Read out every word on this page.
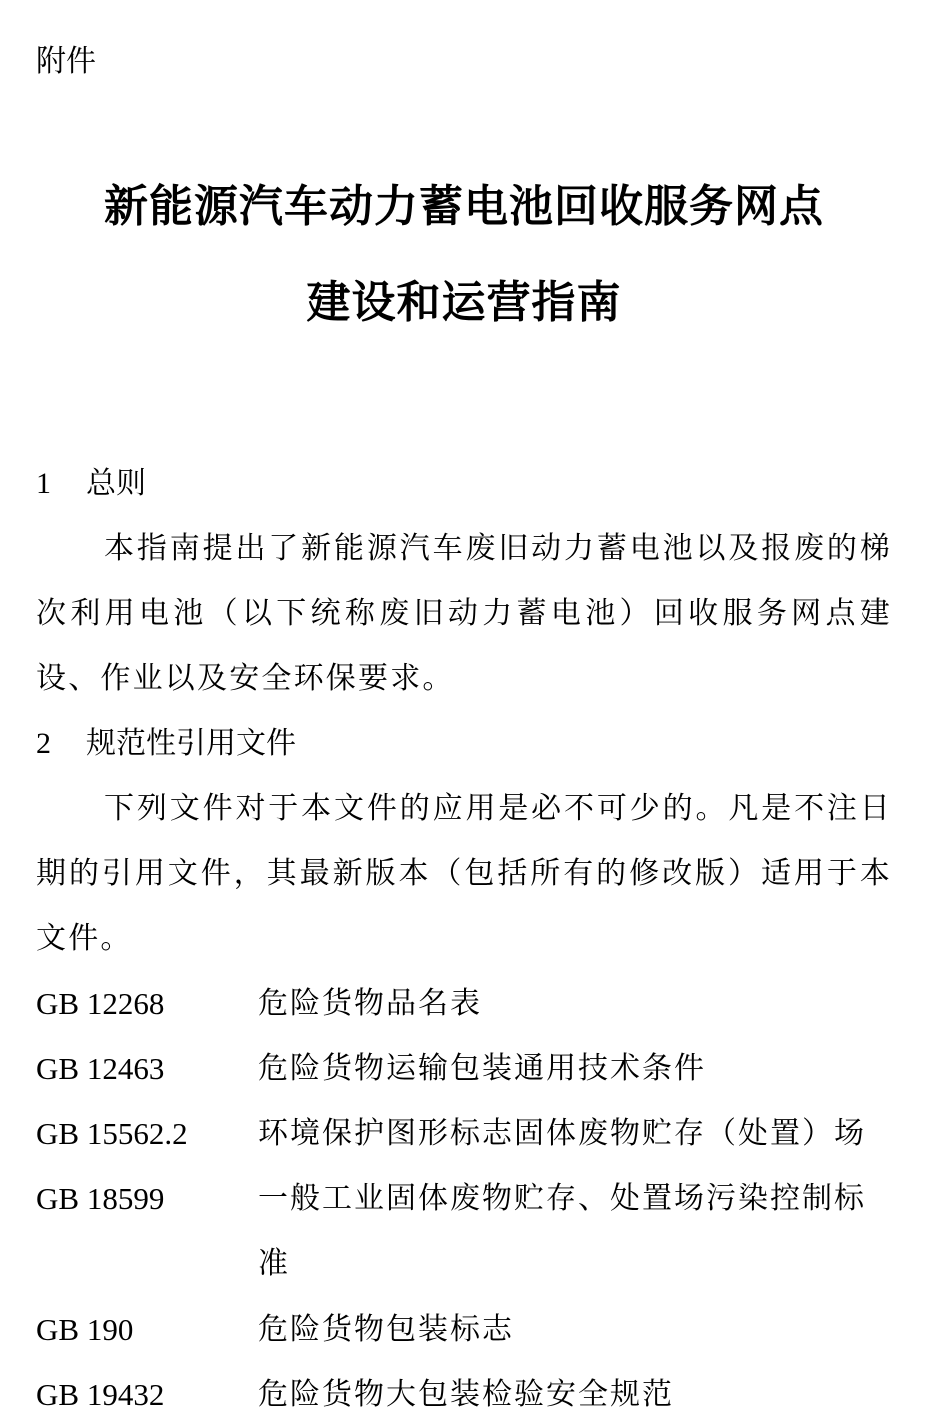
附件
新能源汽车动力蓄电池回收服务网点
建设和运营指南
1 总则
本指南提出了新能源汽车废旧动力蓄电池以及报废的梯次利用电池（以下统称废旧动力蓄电池）回收服务网点建设、作业以及安全环保要求。
2 规范性引用文件
下列文件对于本文件的应用是必不可少的。凡是不注日期的引用文件，其最新版本（包括所有的修改版）适用于本文件。
GB 12268	危险货物品名表
GB 12463	危险货物运输包装通用技术条件
GB 15562.2 环境保护图形标志固体废物贮存（处置）场
GB 18599	一般工业固体废物贮存、处置场污染控制标准
GB 190	危险货物包装标志
GB 19432	危险货物大包装检验安全规范
